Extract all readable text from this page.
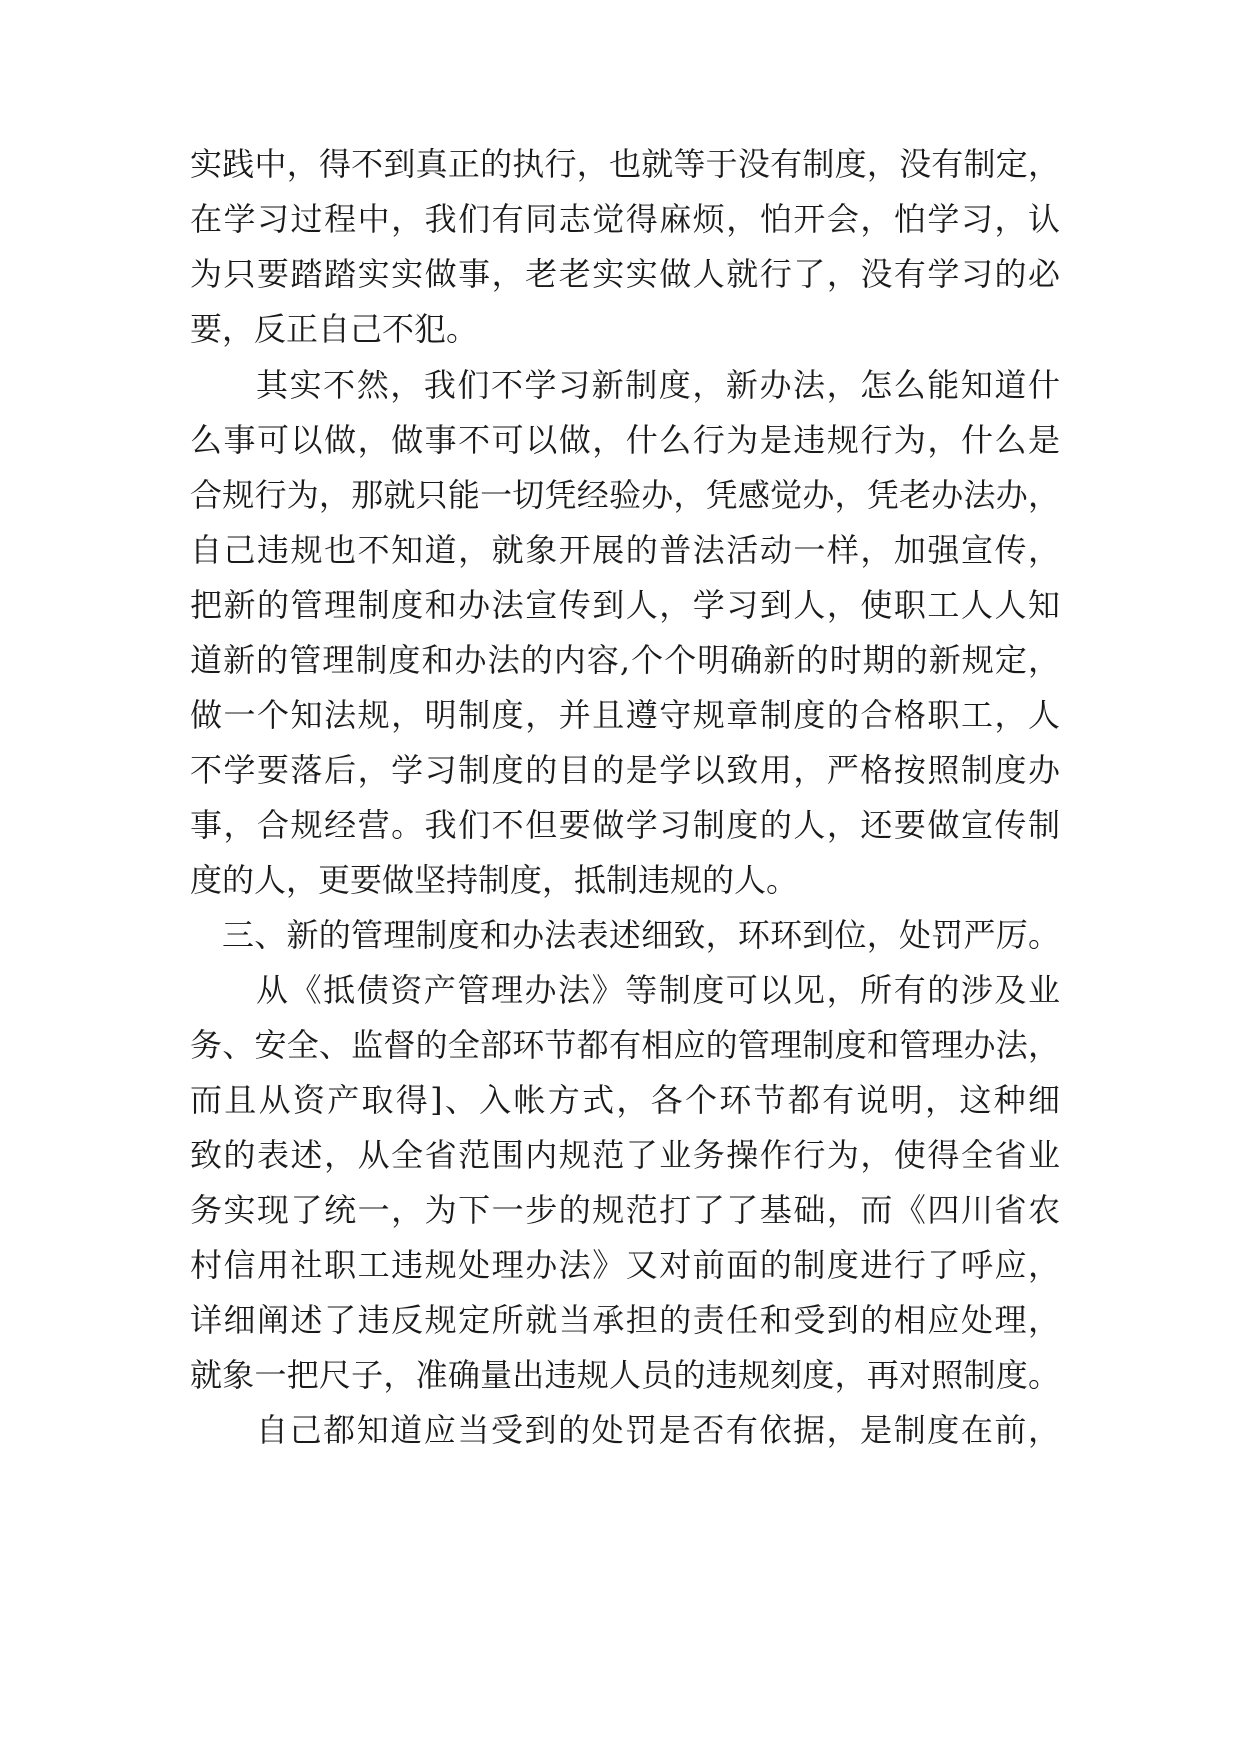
实践中，得不到真正的执行，也就等于没有制度，没有制定，

在学习过程中，我们有同志觉得麻烦，怕开会，怕学习，认

为只要踏踏实实做事，老老实实做人就行了，没有学习的必

要，反正自己不犯。

其实不然，我们不学习新制度，新办法，怎么能知道什

么事可以做，做事不可以做，什么行为是违规行为，什么是

合规行为，那就只能一切凭经验办，凭感觉办，凭老办法办，

自己违规也不知道，就象开展的普法活动一样，加强宣传，

把新的管理制度和办法宣传到人，学习到人，使职工人人知

道新的管理制度和办法的内容,个个明确新的时期的新规定，

做一个知法规，明制度，并且遵守规章制度的合格职工，人

不学要落后，学习制度的目的是学以致用，严格按照制度办

事，合规经营。我们不但要做学习制度的人，还要做宣传制

度的人，更要做坚持制度，抵制违规的人。

三、新的管理制度和办法表述细致，环环到位，处罚严厉。

从《抵债资产管理办法》等制度可以见，所有的涉及业

务、安全、监督的全部环节都有相应的管理制度和管理办法，

而且从资产取得]、入帐方式，各个环节都有说明，这种细

致的表述，从全省范围内规范了业务操作行为，使得全省业

务实现了统一，为下一步的规范打了了基础，而《四川省农

村信用社职工违规处理办法》又对前面的制度进行了呼应，

详细阐述了违反规定所就当承担的责任和受到的相应处理，

就象一把尺子，准确量出违规人员的违规刻度，再对照制度。

自己都知道应当受到的处罚是否有依据，是制度在前，
